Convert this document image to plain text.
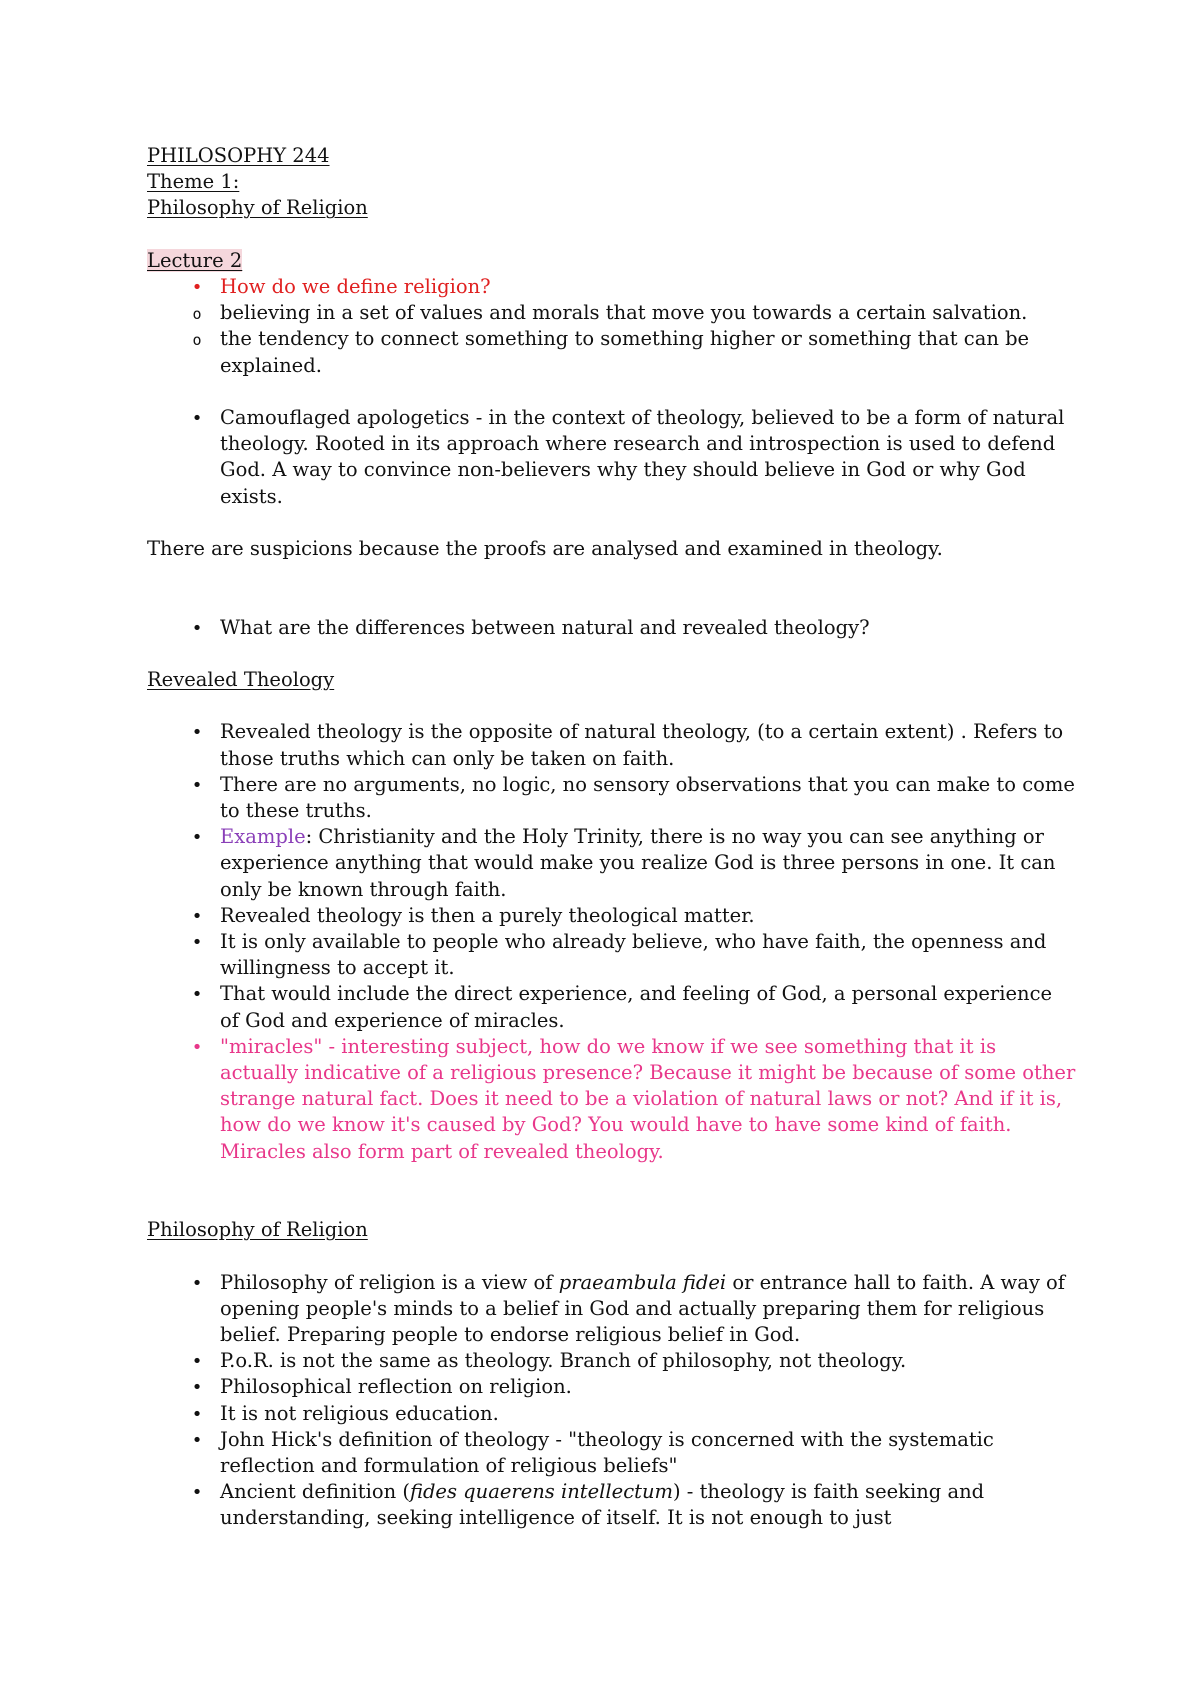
PHILOSOPHY 244

Theme 1:

Philosophy of Religion

Lecture 2

•
How do we define religion?
o
believing in a set of values and morals that move you towards a certain salvation.
o
the tendency to connect something to something higher or something that can be explained.
•
Camouflaged apologetics - in the context of theology, believed to be a form of natural theology. Rooted in its approach where research and introspection is used to defend God. A way to convince non-believers why they should believe in God or why God exists.

There are suspicions because the proofs are analysed and examined in theology.

•
What are the differences between natural and revealed theology?

Revealed Theology

•
Revealed theology is the opposite of natural theology, (to a certain extent) . Refers to those truths which can only be taken on faith.
•
There are no arguments, no logic, no sensory observations that you can make to come to these truths.
•
Example: Christianity and the Holy Trinity, there is no way you can see anything or experience anything that would make you realize God is three persons in one. It can only be known through faith.
•
Revealed theology is then a purely theological matter.
•
It is only available to people who already believe, who have faith, the openness and willingness to accept it.
•
That would include the direct experience, and feeling of God, a personal experience of God and experience of miracles.
•
"miracles" - interesting subject, how do we know if we see something that it is actually indicative of a religious presence? Because it might be because of some other strange natural fact. Does it need to be a violation of natural laws or not? And if it is, how do we know it's caused by God? You would have to have some kind of faith. Miracles also form part of revealed theology.

Philosophy of Religion

•
Philosophy of religion is a view of praeambula fidei or entrance hall to faith. A way of opening people's minds to a belief in God and actually preparing them for religious belief. Preparing people to endorse religious belief in God.
•
P.o.R. is not the same as theology. Branch of philosophy, not theology.
•
Philosophical reflection on religion.
•
It is not religious education.
•
John Hick's definition of theology - "theology is concerned with the systematic reflection and formulation of religious beliefs"
•
Ancient definition (fides quaerens intellectum) - theology is faith seeking and understanding, seeking intelligence of itself. It is not enough to just
